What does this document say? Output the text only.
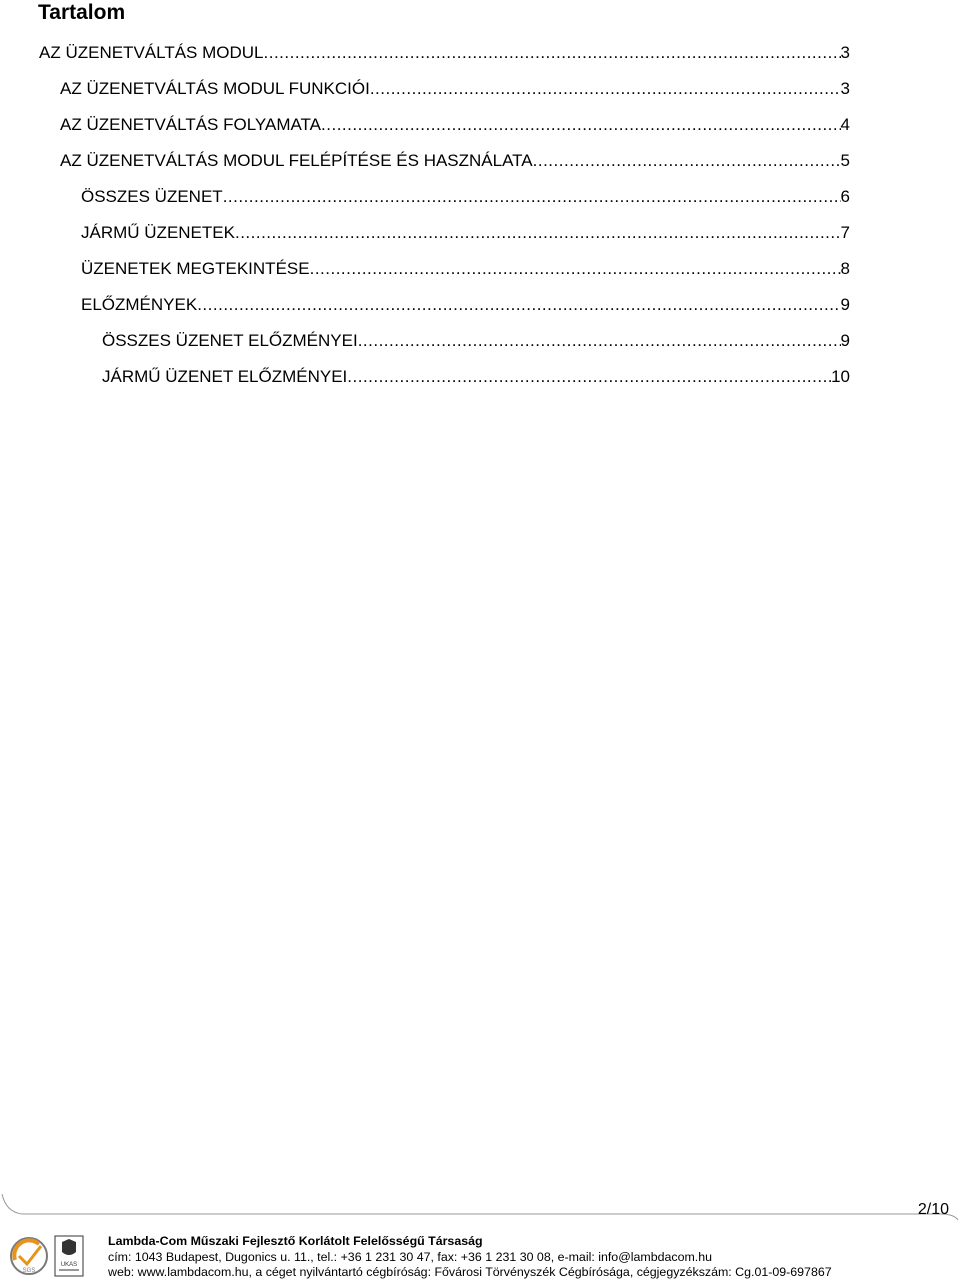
Tartalom
AZ ÜZENETVÁLTÁS MODUL .....	3
AZ ÜZENETVÁLTÁS MODUL FUNKCIÓI .....	3
AZ ÜZENETVÁLTÁS FOLYAMATA .....	4
AZ ÜZENETVÁLTÁS MODUL FELÉPÍTÉSE ÉS HASZNÁLATA .....	5
ÖSSZES ÜZENET .....	6
JÁRMŰ ÜZENETEK .....	7
ÜZENETEK MEGTEKINTÉSE .....	8
ELŐZMÉNYEK .....	9
ÖSSZES ÜZENET ELŐZMÉNYEI .....	9
JÁRMŰ ÜZENET ELŐZMÉNYEI .....	10
2/10
SGS
UKAS
Lambda-Com Műszaki Fejlesztő Korlátolt Felelősségű Társaság
cím: 1043 Budapest, Dugonics u. 11., tel.: +36 1 231 30 47, fax: +36 1 231 30 08, e-mail: info@lambdacom.hu
web: www.lambdacom.hu, a céget nyilvántartó cégbíróság: Fővárosi Törvényszék Cégbírósága, cégjegyzékszám: Cg.01-09-697867
